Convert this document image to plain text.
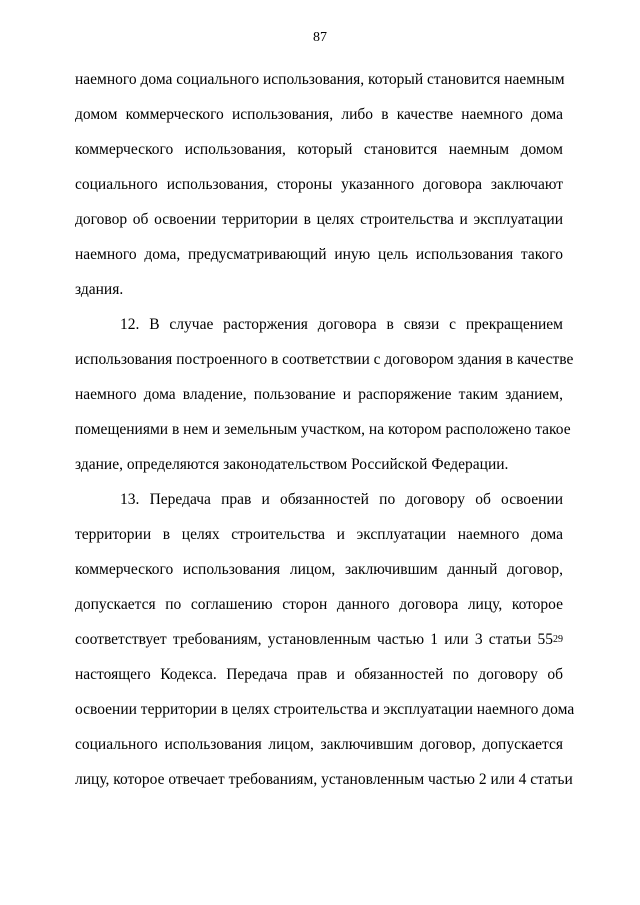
87
наемного дома социального использования, который становится наемным
домом коммерческого использования, либо в качестве наемного дома
коммерческого использования, который становится наемным домом
социального использования, стороны указанного договора заключают
договор об освоении территории в целях строительства и эксплуатации
наемного дома, предусматривающий иную цель использования такого
здания.
12. В случае расторжения договора в связи с прекращением
использования построенного в соответствии с договором здания в качестве
наемного дома владение, пользование и распоряжение таким зданием,
помещениями в нем и земельным участком, на котором расположено такое
здание, определяются законодательством Российской Федерации.
13. Передача прав и обязанностей по договору об освоении
территории в целях строительства и эксплуатации наемного дома
коммерческого использования лицом, заключившим данный договор,
допускается по соглашению сторон данного договора лицу, которое
соответствует требованиям, установленным частью 1 или 3 статьи $55^{29}$
настоящего Кодекса. Передача прав и обязанностей по договору об
освоении территории в целях строительства и эксплуатации наемного дома
социального использования лицом, заключившим договор, допускается
лицу, которое отвечает требованиям, установленным частью 2 или 4 статьи
